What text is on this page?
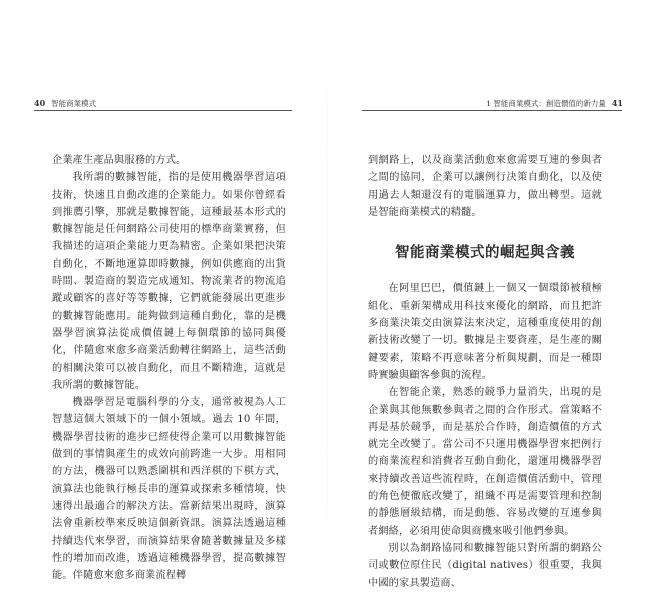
40 智能商業模式

企業產生產品與服務的方式。

我所謂的數據智能，指的是使用機器學習這項技術，快速且自動改進的企業能力。如果你曾經看到推薦引擎，那就是數據智能，這種最基本形式的數據智能是任何網路公司使用的標準商業實務，但我描述的這項企業能力更為精密。企業如果把決策自動化，不斷地運算即時數據，例如供應商的出貨時間、製造商的製造完成通知、物流業者的物流追蹤或顧客的喜好等等數據，它們就能發展出更進步的數據智能應用。能夠做到這種自動化，靠的是機器學習演算法從成價值鏈上每個環節的協同與優化，伴隨愈來愈多商業活動轉往網路上，這些活動的相關決策可以被自動化，而且不斷精進，這就是我所謂的數據智能。

機器學習是電腦科學的分支，通常被視為人工智慧這個大領域下的一個小領域。過去 10 年間，機器學習技術的進步已經使得企業可以用數據智能做到的事情與產生的成效向前跨進一大步。用相同的方法，機器可以熟悉圍棋和西洋棋的下棋方式，演算法也能執行極長串的運算或探索多種情境，快速得出最適合的解決方法。當新結果出現時，演算法會重新校準來反映這個新資訊。演算法透過這種持續迭代來學習，而演算結果會隨著數據量及多樣性的增加而改進，透過這種機器學習，提高數據智能。伴隨愈來愈多商業流程轉

1 智能商業模式：創造價值的新力量 41

到網路上，以及商業活動愈來愈需要互連的參與者之間的協同，企業可以讓例行決策自動化，以及使用過去人類還沒有的電腦運算力，做出轉型。這就是智能商業模式的精髓。

智能商業模式的崛起與含義

在阿里巴巴，價值鏈上一個又一個環節被積極組化、重新架構成用科技來優化的網路，而且把許多商業決策交由演算法來決定，這種重度使用的創新技術改變了一切。數據是主要資產，是生產的關鍵要素，策略不再意味著分析與規劃，而是一種即時實驗與顧客參與的流程。

在智能企業，熟悉的競爭力量消失，出現的是企業與其他無數參與者之間的合作形式。當策略不再是基於競爭，而是基於合作時，創造價值的方式就完全改變了。當公司不只運用機器學習來把例行的商業流程和消費者互動自動化，還運用機器學習來持續改善這些流程時，在創造價值活動中，管理的角色便徹底改變了，組織不再是需要管理和控制的靜態層級結構，而是動態、容易改變的互連參與者網絡，必須用使命與商機來吸引他們參與。

別以為網路協同和數據智能只對所謂的網路公司或數位原住民（digital natives）很重要，我與中國的家具製造商、
